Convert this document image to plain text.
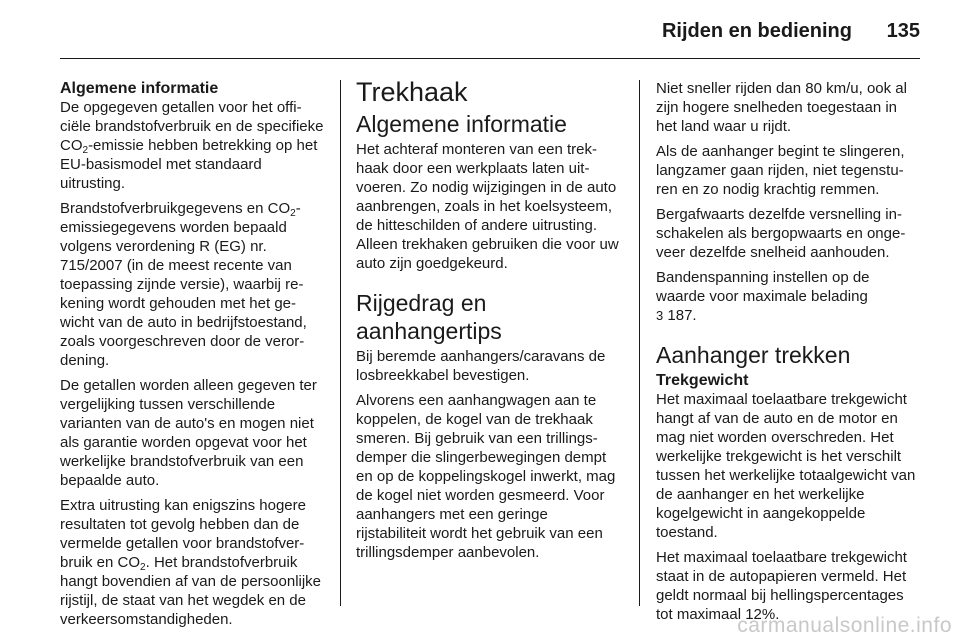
Rijden en bediening 135
Algemene informatie

De opgegeven getallen voor het officiële brandstofverbruik en de specifieke $CO_2$-emissie hebben betrekking op het EU-basismodel met standaard uitrusting.

Brandstofverbruikgegevens en $CO_2$-emissiegegevens worden bepaald volgens verordening R (EG) nr. 715/2007 (in de meest recente van toepassing zijnde versie), waarbij rekening wordt gehouden met het gewicht van de auto in bedrijfstoestand, zoals voorgeschreven door de verordening.

De getallen worden alleen gegeven ter vergelijking tussen verschillende varianten van de auto's en mogen niet als garantie worden opgevat voor het werkelijke brandstofverbruik van een bepaalde auto.

Extra uitrusting kan enigszins hogere resultaten tot gevolg hebben dan de vermelde getallen voor brandstofverbruik en $CO_2$. Het brandstofverbruik hangt bovendien af van de persoonlijke rijstijl, de staat van het wegdek en de verkeersomstandigheden.

Trekhaak
Algemene informatie

Het achteraf monteren van een trekhaak door een werkplaats laten uitvoeren. Zo nodig wijzigingen in de auto aanbrengen, zoals in het koelsysteem, de hitteschilden of andere uitrusting. Alleen trekhaken gebruiken die voor uw auto zijn goedgekeurd.

Rijgedrag en aanhangertips

Bij beremde aanhangers/caravans de losbreekkabel bevestigen.

Alvorens een aanhangwagen aan te koppelen, de kogel van de trekhaak smeren. Bij gebruik van een trillingsdemper die slingerbewegingen dempt en op de koppelingskogel inwerkt, mag de kogel niet worden gesmeerd. Voor aanhangers met een geringe rijstabiliteit wordt het gebruik van een trillingsdemper aanbevolen.

Niet sneller rijden dan 80 km/u, ook al zijn hogere snelheden toegestaan in het land waar u rijdt.

Als de aanhanger begint te slingeren, langzamer gaan rijden, niet tegensturen en zo nodig krachtig remmen.

Bergafwaarts dezelfde versnelling inschakelen als bergopwaarts en ongeveer dezelfde snelheid aanhouden.

Bandenspanning instellen op de waarde voor maximale belading
3 187.

Aanhanger trekken
Trekgewicht

Het maximaal toelaatbare trekgewicht hangt af van de auto en de motor en mag niet worden overschreden. Het werkelijke trekgewicht is het verschilt tussen het werkelijke totaalgewicht van de aanhanger en het werkelijke kogelgewicht in aangekoppelde toestand.

Het maximaal toelaatbare trekgewicht staat in de autopapieren vermeld. Het geldt normaal bij hellingspercentages tot maximaal 12%.

carmanualsonline.info
